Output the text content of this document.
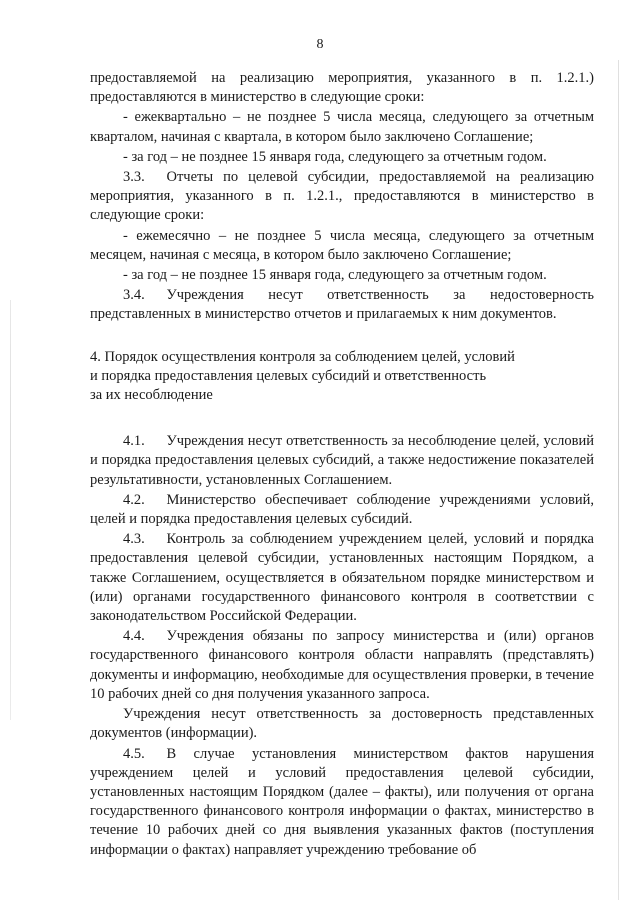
8

предоставляемой на реализацию мероприятия, указанного в п. 1.2.1.) предоставляются в министерство в следующие сроки:

- ежеквартально – не позднее 5 числа месяца, следующего за отчетным кварталом, начиная с квартала, в котором было заключено Соглашение;

- за год – не позднее 15 января года, следующего за отчетным годом.

3.3.  Отчеты по целевой субсидии, предоставляемой на реализацию мероприятия, указанного в п. 1.2.1., предоставляются в министерство в следующие сроки:

- ежемесячно – не позднее 5 числа месяца, следующего за отчетным месяцем, начиная с месяца, в котором было заключено Соглашение;

- за год – не позднее 15 января года, следующего за отчетным годом.

3.4.  Учреждения несут ответственность за недостоверность представленных в министерство отчетов и прилагаемых к ним документов.

4. Порядок осуществления контроля за соблюдением целей, условий
и порядка предоставления целевых субсидий и ответственность
за их несоблюдение

4.1.  Учреждения несут ответственность за несоблюдение целей, условий и порядка предоставления целевых субсидий, а также недостижение показателей результативности, установленных Соглашением.

4.2.  Министерство обеспечивает соблюдение учреждениями условий, целей и порядка предоставления целевых субсидий.

4.3.  Контроль за соблюдением учреждением целей, условий и порядка предоставления целевой субсидии, установленных настоящим Порядком, а также Соглашением, осуществляется в обязательном порядке министерством и (или) органами государственного финансового контроля в соответствии с законодательством Российской Федерации.

4.4.  Учреждения обязаны по запросу министерства и (или) органов государственного финансового контроля области направлять (представлять) документы и информацию, необходимые для осуществления проверки, в течение 10 рабочих дней со дня получения указанного запроса.

Учреждения несут ответственность за достоверность представленных документов (информации).

4.5.  В случае установления министерством фактов нарушения учреждением целей и условий предоставления целевой субсидии, установленных настоящим Порядком (далее – факты), или получения от органа государственного финансового контроля информации о фактах, министерство в течение 10 рабочих дней со дня выявления указанных фактов (поступления информации о фактах) направляет учреждению требование об
